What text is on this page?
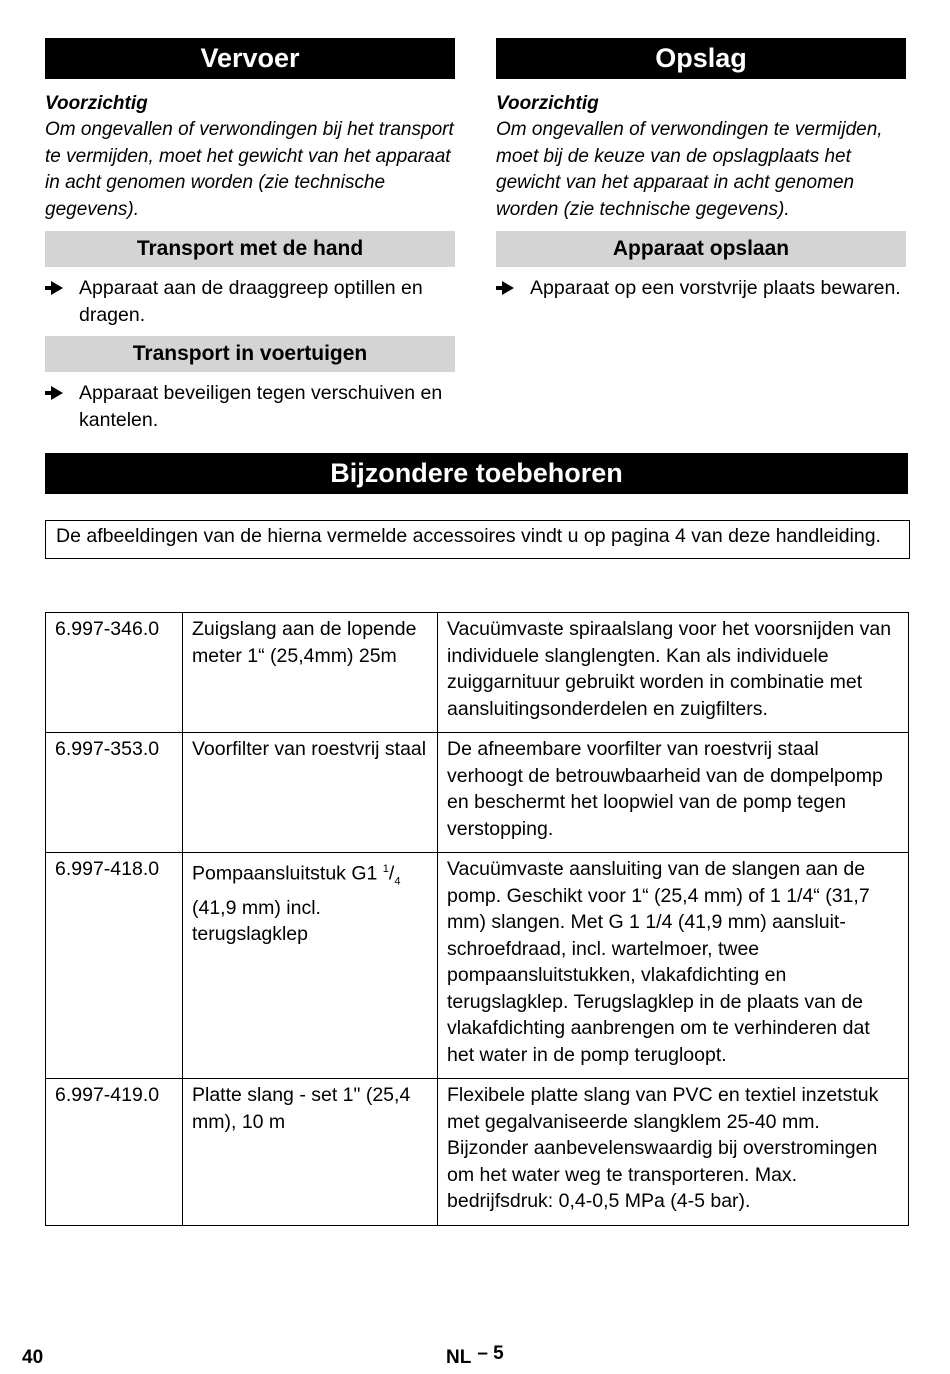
Vervoer
Voorzichtig
Om ongevallen of verwondingen bij het transport te vermijden, moet het gewicht van het apparaat in acht genomen worden (zie technische gegevens).
Transport met de hand
Apparaat aan de draaggreep optillen en dragen.
Transport in voertuigen
Apparaat beveiligen tegen verschuiven en kantelen.
Opslag
Voorzichtig
Om ongevallen of verwondingen te vermijden, moet bij de keuze van de opslagplaats het gewicht van het apparaat in acht genomen worden (zie technische gegevens).
Apparaat opslaan
Apparaat op een vorstvrije plaats bewaren.
Bijzondere toebehoren
De afbeeldingen van de hierna vermelde accessoires vindt u op pagina 4 van deze handleiding.
6.997-346.0	Zuigslang aan de lopende meter 1“ (25,4mm) 25m	Vacuümvaste spiraalslang voor het voorsnijden van individuele slanglengten. Kan als individuele zuiggarnituur gebruikt worden in combinatie met aansluitingsonderdelen en zuigfilters.
6.997-353.0	Voorfilter van roestvrij staal	De afneembare voorfilter van roestvrij staal verhoogt de betrouwbaarheid van de dompelpomp en beschermt het loopwiel van de pomp tegen verstopping.
6.997-418.0	Pompaansluitstuk G1 $^1/_4$ (41,9 mm) incl. terugslagklep	Vacuümvaste aansluiting van de slangen aan de pomp. Geschikt voor 1“ (25,4 mm) of 1 1/4“ (31,7 mm) slangen. Met G 1 1/4 (41,9 mm) aansluit-schroefdraad, incl. wartelmoer, twee pompaansluitstukken, vlakafdichting en terugslagklep. Terugslagklep in de plaats van de vlakafdichting aanbrengen om te verhinderen dat het water in de pomp terugloopt.
6.997-419.0	Platte slang - set 1" (25,4 mm), 10 m	Flexibele platte slang van PVC en textiel inzetstuk met gegalvaniseerde slangklem 25-40 mm. Bijzonder aanbevelenswaardig bij overstromingen om het water weg te transporteren. Max. bedrijfsdruk: 0,4-0,5 MPa (4-5 bar).
40	NL – 5
